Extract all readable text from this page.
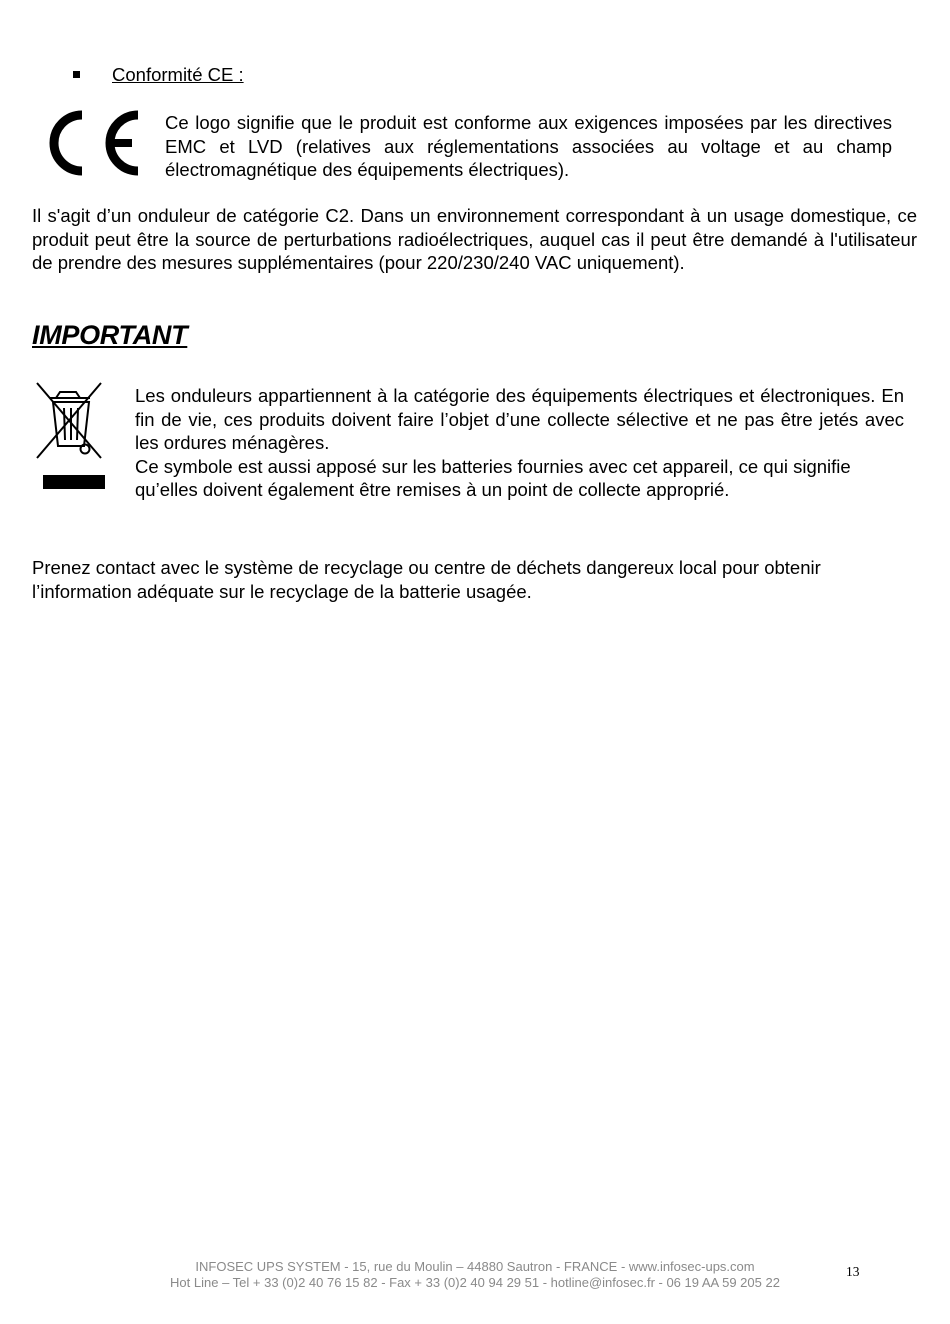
Conformité CE :
Ce logo signifie que le produit est conforme aux exigences imposées par les directives EMC et LVD (relatives aux réglementations associées au voltage et au champ électromagnétique des équipements électriques).
Il s'agit d’un onduleur de catégorie C2. Dans un environnement correspondant à un usage domestique, ce produit peut être la source de perturbations radioélectriques, auquel cas il peut être demandé à l'utilisateur de prendre des mesures supplémentaires (pour 220/230/240 VAC uniquement).
IMPORTANT

Les onduleurs appartiennent à la catégorie des équipements électriques et électroniques. En fin de vie, ces produits doivent faire l’objet d’une collecte sélective et ne pas être jetés avec les ordures ménagères.

Ce symbole est aussi apposé sur les batteries fournies avec cet appareil, ce qui signifie qu’elles doivent également être remises à un point de collecte approprié.

Prenez contact avec le système de recyclage ou centre de déchets dangereux local pour obtenir l’information adéquate sur le recyclage de la batterie usagée.
INFOSEC UPS SYSTEM - 15, rue du Moulin – 44880 Sautron - FRANCE - www.infosec-ups.com
Hot Line – Tel + 33 (0)2 40 76 15 82 - Fax + 33 (0)2 40 94 29 51 - hotline@infosec.fr - 06 19 AA 59 205 22
13
